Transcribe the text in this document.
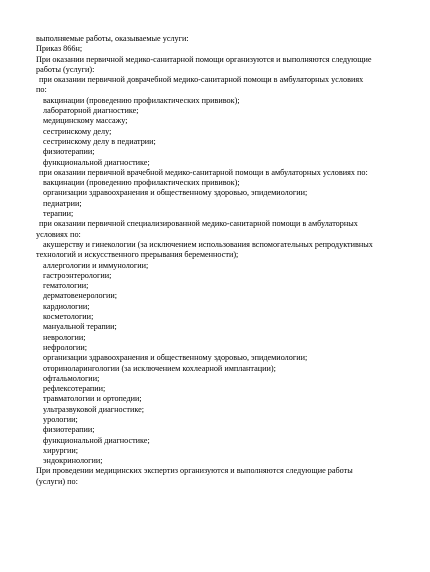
выполняемые работы, оказываемые услуги:

Приказ 866н;

При оказании первичной медико-санитарной помощи организуются и выполняются следующие

работы (услуги):

при оказании первичной доврачебной медико-санитарной помощи в амбулаторных условиях

по:

вакцинации (проведению профилактических прививок);

лабораторной диагностике;

медицинскому массажу;

сестринскому делу;

сестринскому делу в педиатрии;

физиотерапии;

функциональной диагностике;

при оказании первичной врачебной медико-санитарной помощи в амбулаторных условиях по:

вакцинации (проведению профилактических прививок);

организации здравоохранения и общественному здоровью, эпидемиологии;

педиатрии;

терапии;

при оказании первичной специализированной медико-санитарной помощи в амбулаторных

условиях по:

акушерству и гинекологии (за исключением использования вспомогательных репродуктивных

технологий и искусственного прерывания беременности);

аллергологии и иммунологии;

гастроэнтерологии;

гематологии;

дерматовенерологии;

кардиологии;

косметологии;

мануальной терапии;

неврологии;

нефрологии;

организации здравоохранения и общественному здоровью, эпидемиологии;

оториноларингологии (за исключением кохлеарной имплантации);

офтальмологии;

рефлексотерапии;

травматологии и ортопедии;

ультразвуковой диагностике;

урологии;

физиотерапии;

функциональной диагностике;

хирургии;

эндокринологии;

При проведении медицинских экспертиз организуются и выполняются следующие работы

(услуги) по:
